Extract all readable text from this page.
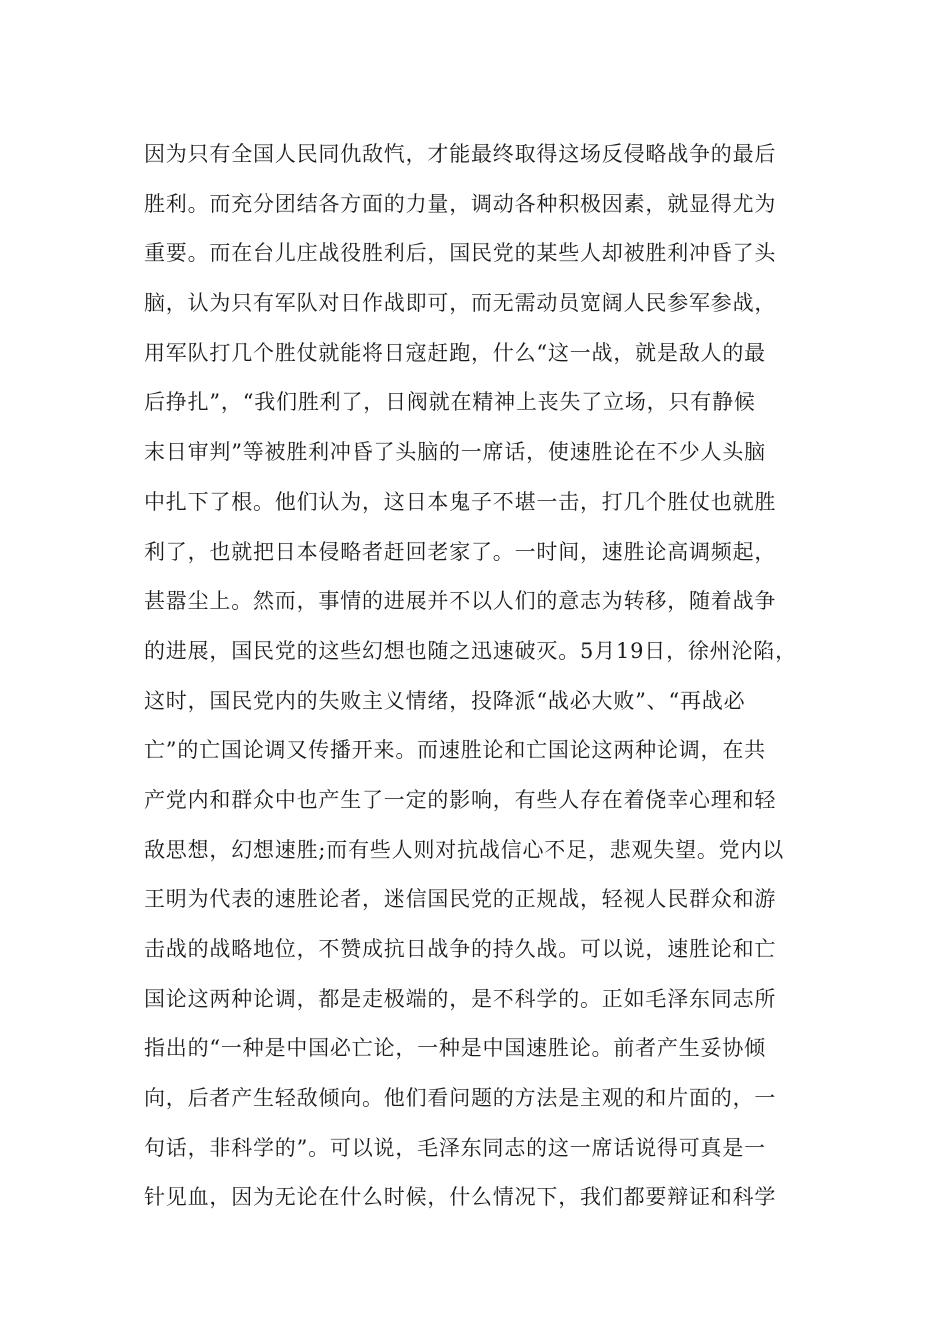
因为只有全国人民同仇敌忾，才能最终取得这场反侵略战争的最后
胜利。而充分团结各方面的力量，调动各种积极因素，就显得尤为
重要。而在台儿庄战役胜利后，国民党的某些人却被胜利冲昏了头
脑，认为只有军队对日作战即可，而无需动员宽阔人民参军参战，
用军队打几个胜仗就能将日寇赶跑，什么“这一战，就是敌人的最
后挣扎”，“我们胜利了，日阀就在精神上丧失了立场，只有静候
末日审判”等被胜利冲昏了头脑的一席话，使速胜论在不少人头脑
中扎下了根。他们认为，这日本鬼子不堪一击，打几个胜仗也就胜
利了，也就把日本侵略者赶回老家了。一时间，速胜论高调频起，
甚嚣尘上。然而，事情的进展并不以人们的意志为转移，随着战争
的进展，国民党的这些幻想也随之迅速破灭。5月19日，徐州沦陷，
这时，国民党内的失败主义情绪，投降派“战必大败”、“再战必
亡”的亡国论调又传播开来。而速胜论和亡国论这两种论调，在共
产党内和群众中也产生了一定的影响，有些人存在着侥幸心理和轻
敌思想，幻想速胜;而有些人则对抗战信心不足，悲观失望。党内以
王明为代表的速胜论者，迷信国民党的正规战，轻视人民群众和游
击战的战略地位，不赞成抗日战争的持久战。可以说，速胜论和亡
国论这两种论调，都是走极端的，是不科学的。正如毛泽东同志所
指出的“一种是中国必亡论，一种是中国速胜论。前者产生妥协倾
向，后者产生轻敌倾向。他们看问题的方法是主观的和片面的，一
句话，非科学的”。可以说，毛泽东同志的这一席话说得可真是一
针见血，因为无论在什么时候，什么情况下，我们都要辩证和科学
